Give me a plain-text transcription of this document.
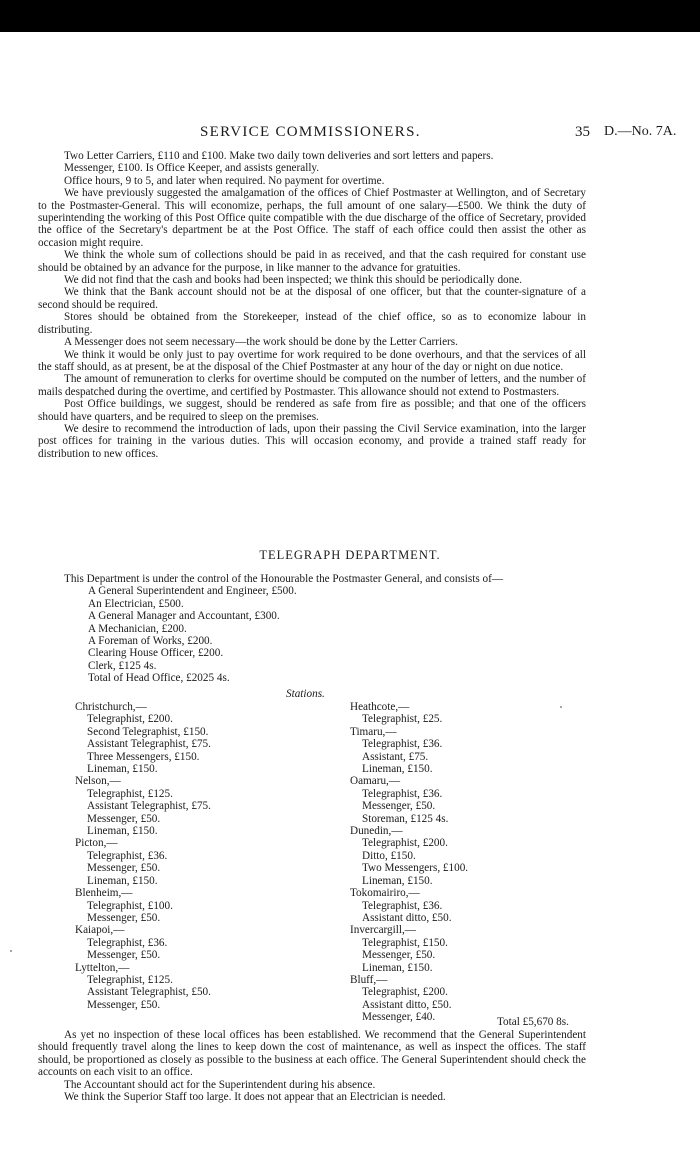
SERVICE COMMISSIONERS.	35 D.—No. 7A.

Two Letter Carriers, £110 and £100. Make two daily town deliveries and sort letters and papers.

Messenger, £100. Is Office Keeper, and assists generally.

Office hours, 9 to 5, and later when required. No payment for overtime.

We have previously suggested the amalgamation of the offices of Chief Postmaster at Wellington, and of Secretary to the Postmaster-General. This will economize, perhaps, the full amount of one salary—£500. We think the duty of superintending the working of this Post Office quite compatible with the due discharge of the office of Secretary, provided the office of the Secretary's department be at the Post Office. The staff of each office could then assist the other as occasion might require.

We think the whole sum of collections should be paid in as received, and that the cash required for constant use should be obtained by an advance for the purpose, in like manner to the advance for gratuities.

We did not find that the cash and books had been inspected; we think this should be periodically done.

We think that the Bank account should not be at the disposal of one officer, but that the counter-signature of a second should be required.

Stores should be obtained from the Storekeeper, instead of the chief office, so as to economize labour in distributing.

A Messenger does not seem necessary—the work should be done by the Letter Carriers.

We think it would be only just to pay overtime for work required to be done overhours, and that the services of all the staff should, as at present, be at the disposal of the Chief Postmaster at any hour of the day or night on due notice.

The amount of remuneration to clerks for overtime should be computed on the number of letters, and the number of mails despatched during the overtime, and certified by Postmaster. This allowance should not extend to Postmasters.

Post Office buildings, we suggest, should be rendered as safe from fire as possible; and that one of the officers should have quarters, and be required to sleep on the premises.

We desire to recommend the introduction of lads, upon their passing the Civil Service examination, into the larger post offices for training in the various duties. This will occasion economy, and provide a trained staff ready for distribution to new offices.

TELEGRAPH DEPARTMENT.

This Department is under the control of the Honourable the Postmaster General, and consists of—

A General Superintendent and Engineer, £500.

An Electrician, £500.

A General Manager and Accountant, £300.

A Mechanician, £200.

A Foreman of Works, £200.

Clearing House Officer, £200.

Clerk, £125 4s.

Total of Head Office, £2025 4s.

Stations.

Christchurch,—

Telegraphist, £200.

Second Telegraphist, £150.

Assistant Telegraphist, £75.

Three Messengers, £150.

Lineman, £150.

Nelson,—

Telegraphist, £125.

Assistant Telegraphist, £75.

Messenger, £50.

Lineman, £150.

Picton,—

Telegraphist, £36.

Messenger, £50.

Lineman, £150.

Blenheim,—

Telegraphist, £100.

Messenger, £50.

Kaiapoi,—

Telegraphist, £36.

Messenger, £50.

Lyttelton,—

Telegraphist, £125.

Assistant Telegraphist, £50.

Messenger, £50.

Heathcote,—

Telegraphist, £25.

Timaru,—

Telegraphist, £36.

Assistant, £75.

Lineman, £150.

Oamaru,—

Telegraphist, £36.

Messenger, £50.

Storeman, £125 4s.

Dunedin,—

Telegraphist, £200.

Ditto, £150.

Two Messengers, £100.

Lineman, £150.

Tokomairiro,—

Telegraphist, £36.

Assistant ditto, £50.

Invercargill,—

Telegraphist, £150.

Messenger, £50.

Lineman, £150.

Bluff,—

Telegraphist, £200.

Assistant ditto, £50.

Messenger, £40.	Total £5,670 8s.

As yet no inspection of these local offices has been established. We recommend that the General Superintendent should frequently travel along the lines to keep down the cost of maintenance, as well as inspect the offices. The staff should, be proportioned as closely as possible to the business at each office. The General Superintendent should check the accounts on each visit to an office.

The Accountant should act for the Superintendent during his absence.

We think the Superior Staff too large. It does not appear that an Electrician is needed.
